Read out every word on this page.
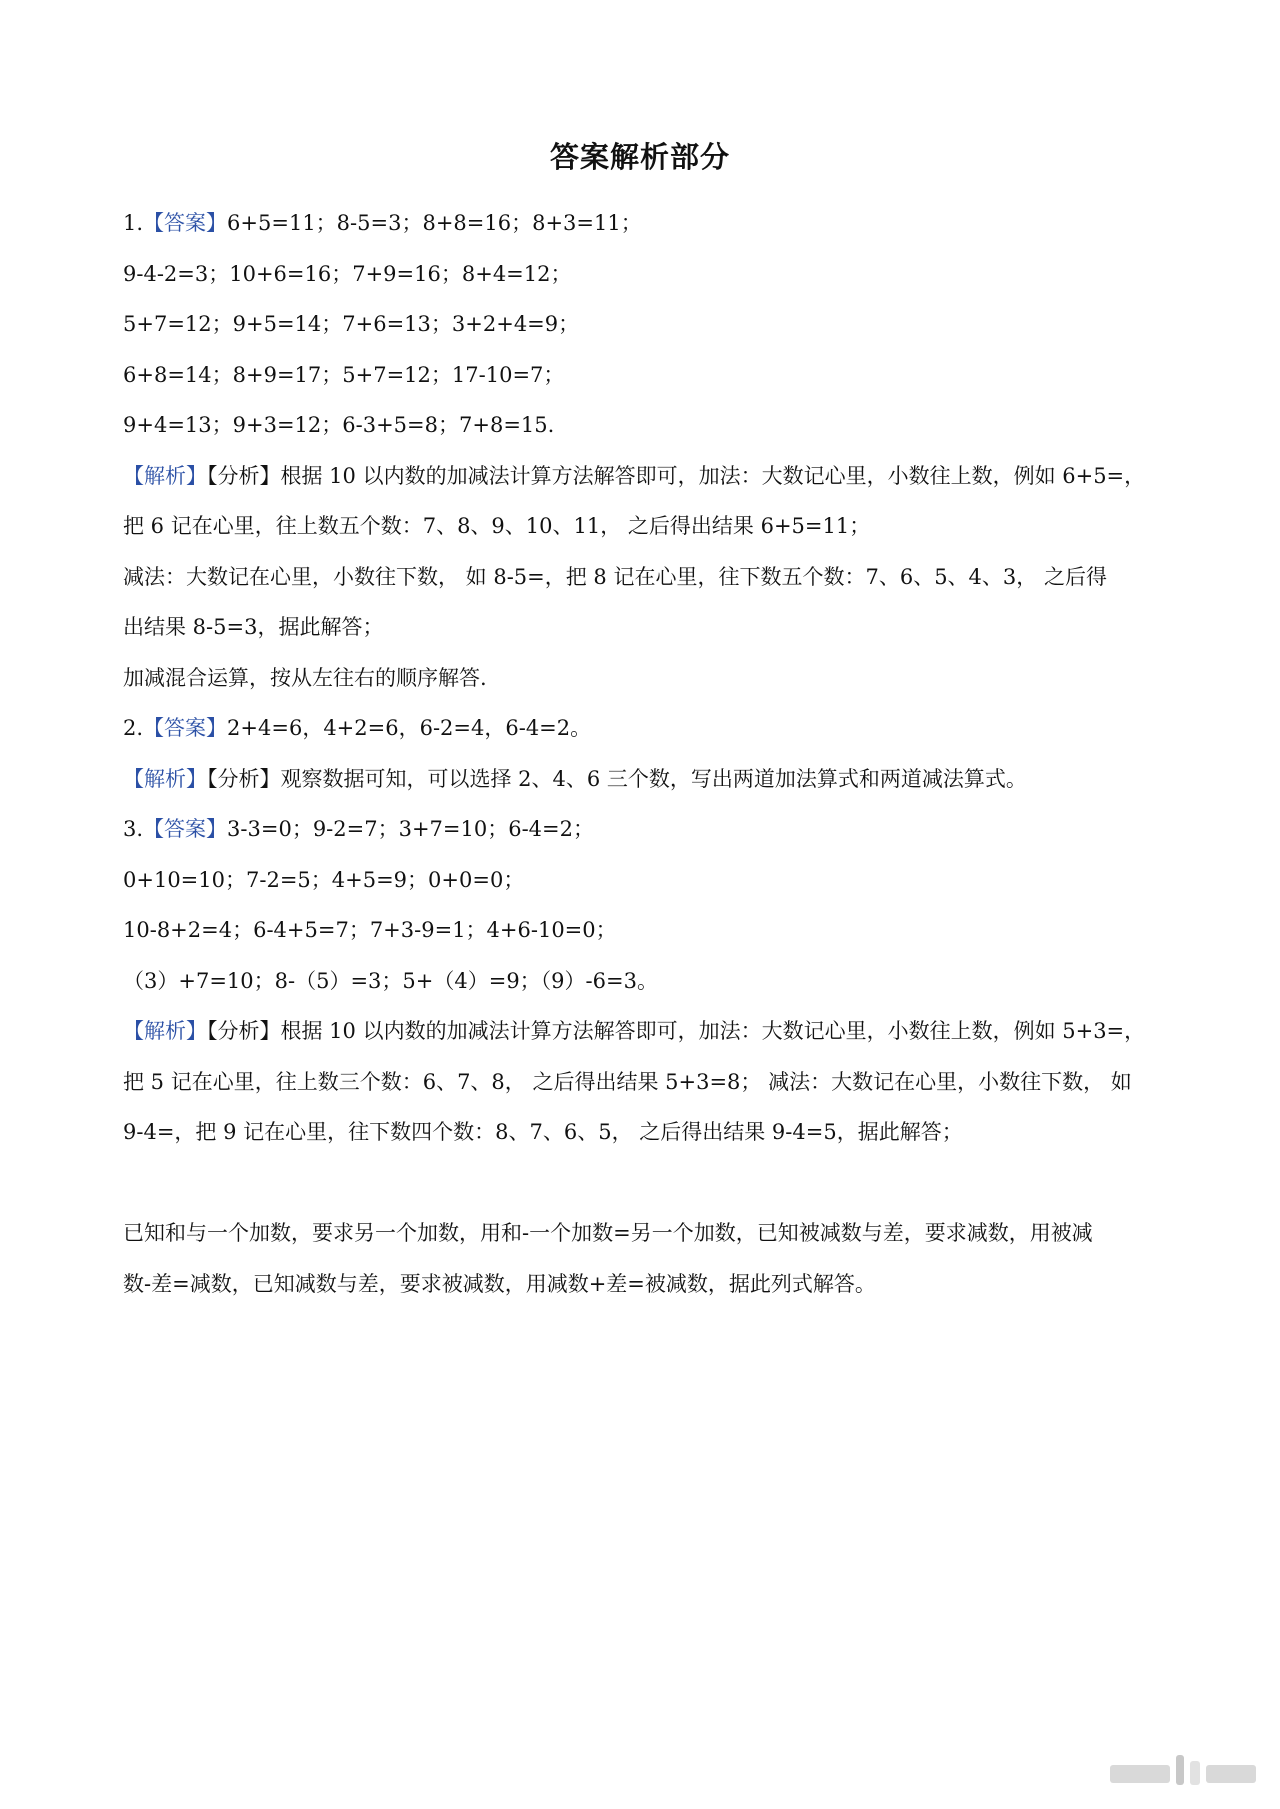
答案解析部分
1.【答案】6+5=11；8-5=3；8+8=16；8+3=11；
9-4-2=3；10+6=16；7+9=16；8+4=12；
5+7=12；9+5=14；7+6=13；3+2+4=9；
6+8=14；8+9=17；5+7=12；17-10=7；
9+4=13；9+3=12；6-3+5=8；7+8=15.
【解析】【分析】根据 10 以内数的加减法计算方法解答即可，加法：大数记心里，小数往上数，例如 6+5=，
把 6 记在心里，往上数五个数：7、8、9、10、11， 之后得出结果 6+5=11；
减法：大数记在心里，小数往下数， 如 8-5=，把 8 记在心里，往下数五个数：7、6、5、4、3， 之后得
出结果 8-5=3，据此解答；
加减混合运算，按从左往右的顺序解答.
2.【答案】2+4=6，4+2=6，6-2=4，6-4=2。
【解析】【分析】观察数据可知，可以选择 2、4、6 三个数，写出两道加法算式和两道减法算式。
3.【答案】3-3=0；9-2=7；3+7=10；6-4=2；
0+10=10；7-2=5；4+5=9；0+0=0；
10-8+2=4；6-4+5=7；7+3-9=1；4+6-10=0；
（3）+7=10；8-（5）=3；5+（4）=9；（9）-6=3。
【解析】【分析】根据 10 以内数的加减法计算方法解答即可，加法：大数记心里，小数往上数，例如 5+3=，
把 5 记在心里，往上数三个数：6、7、8， 之后得出结果 5+3=8； 减法：大数记在心里，小数往下数， 如
9-4=，把 9 记在心里，往下数四个数：8、7、6、5， 之后得出结果 9-4=5，据此解答；
已知和与一个加数，要求另一个加数，用和-一个加数=另一个加数，已知被减数与差，要求减数，用被减
数-差=减数，已知减数与差，要求被减数，用减数+差=被减数，据此列式解答。
